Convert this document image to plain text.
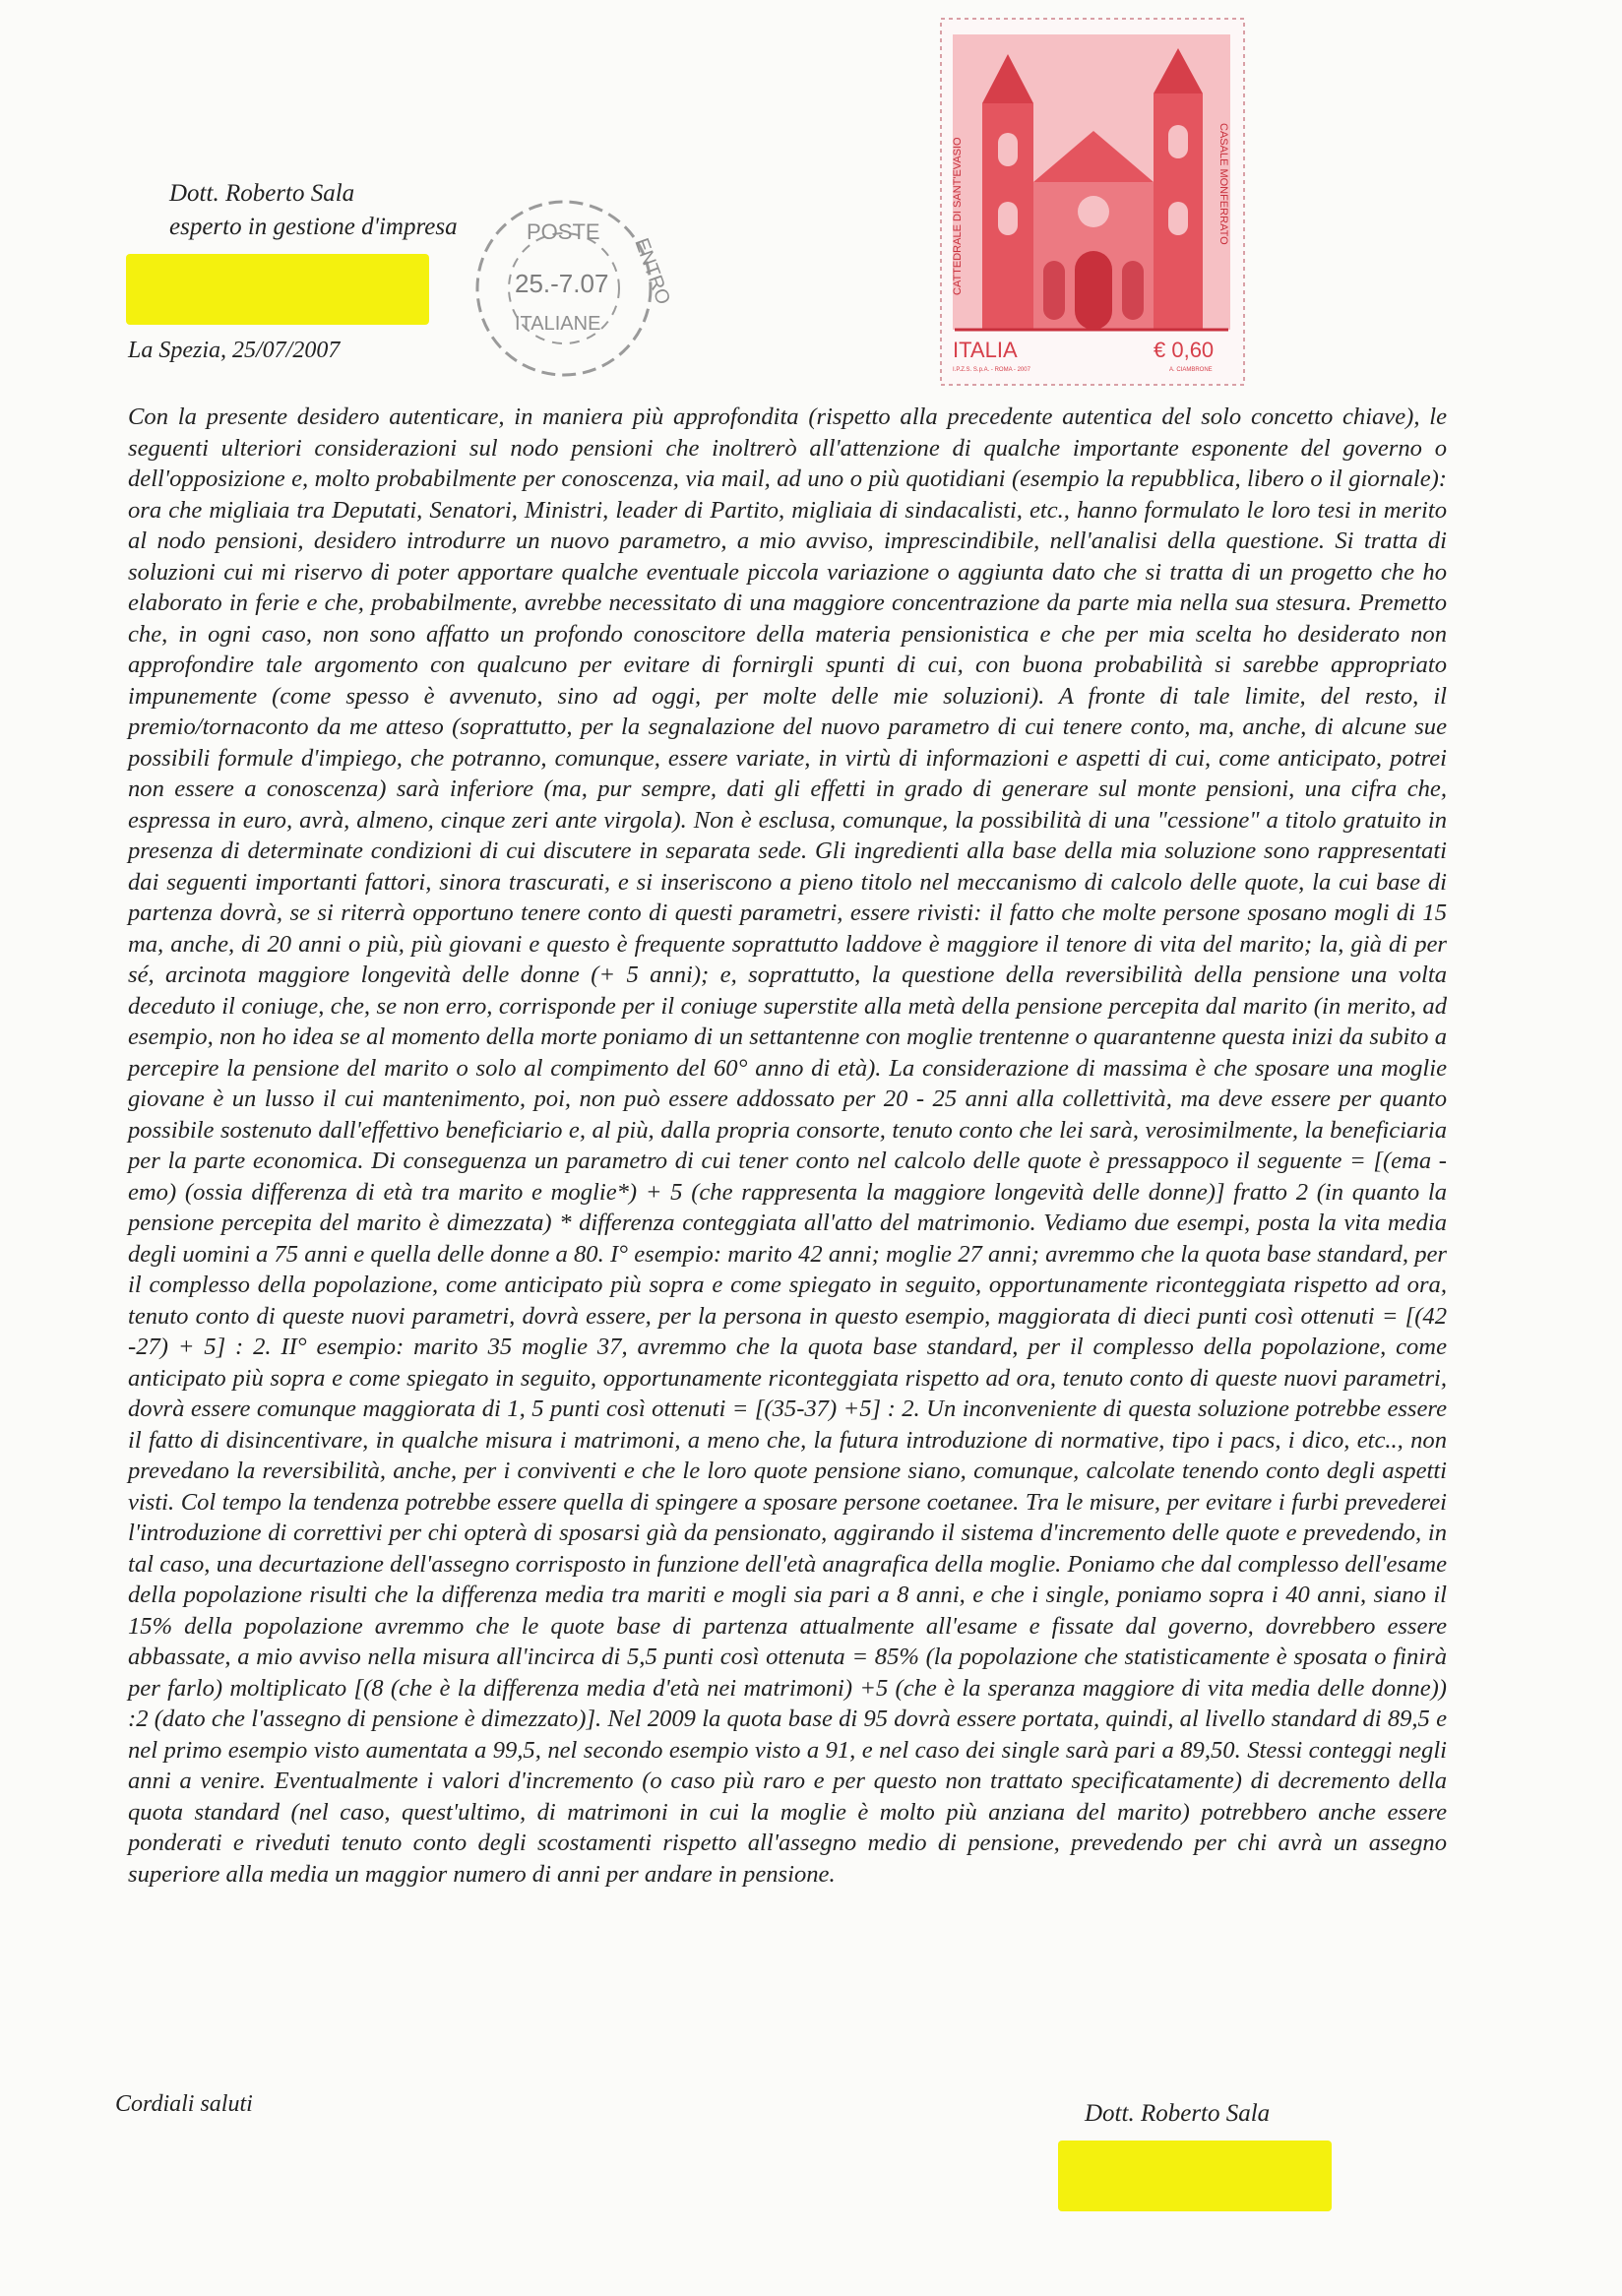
Dott. Roberto Sala
esperto in gestione d'impresa	POSTE
ENTRO
25.-7.07
ITALIANE
La Spezia, 25/07/2007
CATTEDRALE DI SANT'EVASIO	CASALE MONFERRATO
ITALIA	€ 0,60
I.P.Z.S. S.p.A. - ROMA - 2007	A. CIAMBRONE

Con la presente desidero autenticare, in maniera più approfondita (rispetto alla precedente autentica del solo concetto chiave), le seguenti ulteriori considerazioni sul nodo pensioni che inoltrerò all'attenzione di qualche importante esponente del governo o dell'opposizione e, molto probabilmente per conoscenza, via mail, ad uno o più quotidiani (esempio la repubblica, libero o il giornale): ora che migliaia tra Deputati, Senatori, Ministri, leader di Partito, migliaia di sindacalisti, etc., hanno formulato le loro tesi in merito al nodo pensioni, desidero introdurre un nuovo parametro, a mio avviso, imprescindibile, nell'analisi della questione. Si tratta di soluzioni cui mi riservo di poter apportare qualche eventuale piccola variazione o aggiunta dato che si tratta di un progetto che ho elaborato in ferie e che, probabilmente, avrebbe necessitato di una maggiore concentrazione da parte mia nella sua stesura. Premetto che, in ogni caso, non sono affatto un profondo conoscitore della materia pensionistica e che per mia scelta ho desiderato non approfondire tale argomento con qualcuno per evitare di fornirgli spunti di cui, con buona probabilità si sarebbe appropriato impunemente (come spesso è avvenuto, sino ad oggi, per molte delle mie soluzioni). A fronte di tale limite, del resto, il premio/tornaconto da me atteso (soprattutto, per la segnalazione del nuovo parametro di cui tenere conto, ma, anche, di alcune sue possibili formule d'impiego, che potranno, comunque, essere variate, in virtù di informazioni e aspetti di cui, come anticipato, potrei non essere a conoscenza) sarà inferiore (ma, pur sempre, dati gli effetti in grado di generare sul monte pensioni, una cifra che, espressa in euro, avrà, almeno, cinque zeri ante virgola). Non è esclusa, comunque, la possibilità di una "cessione" a titolo gratuito in presenza di determinate condizioni di cui discutere in separata sede. Gli ingredienti alla base della mia soluzione sono rappresentati dai seguenti importanti fattori, sinora trascurati, e si inseriscono a pieno titolo nel meccanismo di calcolo delle quote, la cui base di partenza dovrà, se si riterrà opportuno tenere conto di questi parametri, essere rivisti: il fatto che molte persone sposano mogli di 15 ma, anche, di 20 anni o più, più giovani e questo è frequente soprattutto laddove è maggiore il tenore di vita del marito; la, già di per sé, arcinota maggiore longevità delle donne (+ 5 anni); e, soprattutto, la questione della reversibilità della pensione una volta deceduto il coniuge, che, se non erro, corrisponde per il coniuge superstite alla metà della pensione percepita dal marito (in merito, ad esempio, non ho idea se al momento della morte poniamo di un settantenne con moglie trentenne o quarantenne questa inizi da subito a percepire la pensione del marito o solo al compimento del 60° anno di età). La considerazione di massima è che sposare una moglie giovane è un lusso il cui mantenimento, poi, non può essere addossato per 20 - 25 anni alla collettività, ma deve essere per quanto possibile sostenuto dall'effettivo beneficiario e, al più, dalla propria consorte, tenuto conto che lei sarà, verosimilmente, la beneficiaria per la parte economica. Di conseguenza un parametro di cui tener conto nel calcolo delle quote è pressappoco il seguente = [(ema - emo) (ossia differenza di età tra marito e moglie*) + 5 (che rappresenta la maggiore longevità delle donne)] fratto 2 (in quanto la pensione percepita del marito è dimezzata) * differenza conteggiata all'atto del matrimonio. Vediamo due esempi, posta la vita media degli uomini a 75 anni e quella delle donne a 80. I° esempio: marito 42 anni; moglie 27 anni; avremmo che la quota base standard, per il complesso della popolazione, come anticipato più sopra e come spiegato in seguito, opportunamente riconteggiata rispetto ad ora, tenuto conto di queste nuovi parametri, dovrà essere, per la persona in questo esempio, maggiorata di dieci punti così ottenuti = [(42 -27) + 5] : 2. II° esempio: marito 35 moglie 37, avremmo che la quota base standard, per il complesso della popolazione, come anticipato più sopra e come spiegato in seguito, opportunamente riconteggiata rispetto ad ora, tenuto conto di queste nuovi parametri, dovrà essere comunque maggiorata di 1, 5 punti così ottenuti = [(35-37) +5] : 2. Un inconveniente di questa soluzione potrebbe essere il fatto di disincentivare, in qualche misura i matrimoni, a meno che, la futura introduzione di normative, tipo i pacs, i dico, etc.., non prevedano la reversibilità, anche, per i conviventi e che le loro quote pensione siano, comunque, calcolate tenendo conto degli aspetti visti. Col tempo la tendenza potrebbe essere quella di spingere a sposare persone coetanee. Tra le misure, per evitare i furbi prevederei l'introduzione di correttivi per chi opterà di sposarsi già da pensionato, aggirando il sistema d'incremento delle quote e prevedendo, in tal caso, una decurtazione dell'assegno corrisposto in funzione dell'età anagrafica della moglie. Poniamo che dal complesso dell'esame della popolazione risulti che la differenza media tra mariti e mogli sia pari a 8 anni, e che i single, poniamo sopra i 40 anni, siano il 15% della popolazione avremmo che le quote base di partenza attualmente all'esame e fissate dal governo, dovrebbero essere abbassate, a mio avviso nella misura all'incirca di 5,5 punti così ottenuta = 85% (la popolazione che statisticamente è sposata o finirà per farlo) moltiplicato [(8 (che è la differenza media d'età nei matrimoni) +5 (che è la speranza maggiore di vita media delle donne)) :2 (dato che l'assegno di pensione è dimezzato)]. Nel 2009 la quota base di 95 dovrà essere portata, quindi, al livello standard di 89,5 e nel primo esempio visto aumentata a 99,5, nel secondo esempio visto a 91, e nel caso dei single sarà pari a 89,50. Stessi conteggi negli anni a venire. Eventualmente i valori d'incremento (o caso più raro e per questo non trattato specificatamente) di decremento della quota standard (nel caso, quest'ultimo, di matrimoni in cui la moglie è molto più anziana del marito) potrebbero anche essere ponderati e riveduti tenuto conto degli scostamenti rispetto all'assegno medio di pensione, prevedendo per chi avrà un assegno superiore alla media un maggior numero di anni per andare in pensione.

Cordiali saluti	Dott. Roberto Sala
